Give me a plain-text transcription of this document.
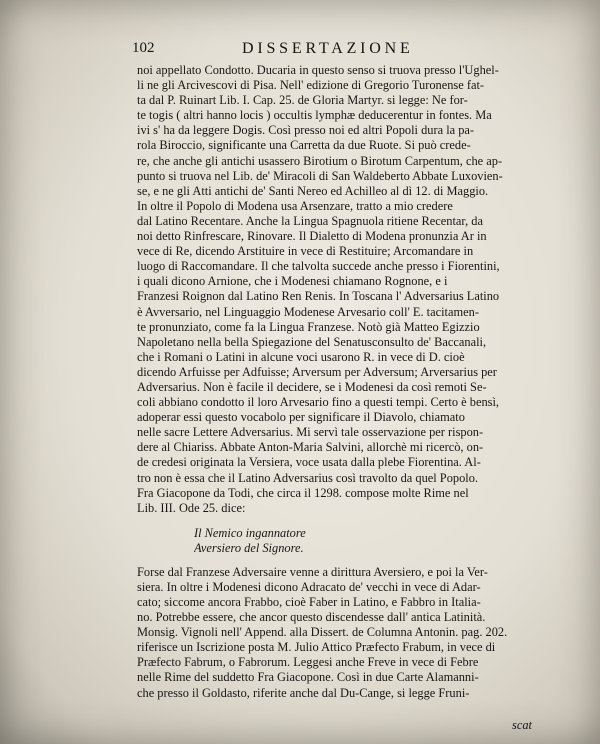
102	DISSERTAZIONE
noi appellato Condotto. Ducaria in questo senso si truova presso l'Ughel-
li ne gli Arcivescovi di Pisa. Nell' edizione di Gregorio Turonense fat-
ta dal P. Ruinart Lib. I. Cap. 25. de Gloria Martyr. si legge: Ne for-
te togis ( altri hanno locis ) occultis lymphæ deducerentur in fontes. Ma
ivi s' ha da leggere Dogis. Così presso noi ed altri Popoli dura la pa-
rola Biroccio, significante una Carretta da due Ruote. Si può crede-
re, che anche gli antichi usassero Birotium o Birotum Carpentum, che ap-
punto si truova nel Lib. de' Miracoli di San Waldeberto Abbate Luxovien-
se, e ne gli Atti antichi de' Santi Nereo ed Achilleo al dì 12. di Maggio.
In oltre il Popolo di Modena usa Arsenzare, tratto a mio credere
dal Latino Recentare. Anche la Lingua Spagnuola ritiene Recentar, da
noi detto Rinfrescare, Rinovare. Il Dialetto di Modena pronunzia Ar in
vece di Re, dicendo Arstituire in vece di Restituire; Arcomandare in
luogo di Raccomandare. Il che talvolta succede anche presso i Fiorentini,
i quali dicono Arnione, che i Modenesi chiamano Rognone, e i
Franzesi Roignon dal Latino Ren Renis. In Toscana l' Adversarius Latino
è Avversario, nel Linguaggio Modenese Arvesario coll' E. tacitamen-
te pronunziato, come fa la Lingua Franzese. Notò già Matteo Egizzio
Napoletano nella bella Spiegazione del Senatusconsulto de' Baccanali,
che i Romani o Latini in alcune voci usarono R. in vece di D. cioè
dicendo Arfuisse per Adfuisse; Arversum per Adversum; Arversarius per
Adversarius. Non è facile il decidere, se i Modenesi da così remoti Se-
coli abbiano condotto il loro Arvesario fino a questi tempi. Certo è bensì,
adoperar essi questo vocabolo per significare il Diavolo, chiamato
nelle sacre Lettere Adversarius. Mi servì tale osservazione per rispon-
dere al Chiariss. Abbate Anton-Maria Salvini, allorchè mi ricercò, on-
de credesi originata la Versiera, voce usata dalla plebe Fiorentina. Al-
tro non è essa che il Latino Adversarius così travolto da quel Popolo.
Fra Giacopone da Todi, che circa il 1298. compose molte Rime nel
Lib. III. Ode 25. dice:
Il Nemico ingannatore
Aversiero del Signore.
Forse dal Franzese Adversaire venne a dirittura Aversiero, e poi la Ver-
siera. In oltre i Modenesi dicono Adracato de' vecchi in vece di Adar-
cato; siccome ancora Frabbo, cioè Faber in Latino, e Fabbro in Italia-
no. Potrebbe essere, che ancor questo discendesse dall' antica Latinità.
Monsig. Vignoli nell' Append. alla Dissert. de Columna Antonin. pag. 202.
riferisce un Iscrizione posta M. Julio Attico Præfecto Frabum, in vece di
Præfecto Fabrum, o Fabrorum. Leggesi anche Freve in vece di Febre
nelle Rime del suddetto Fra Giacopone. Così in due Carte Alamanni-
che presso il Goldasto, riferite anche dal Du-Cange, si legge Fruni-
scat
